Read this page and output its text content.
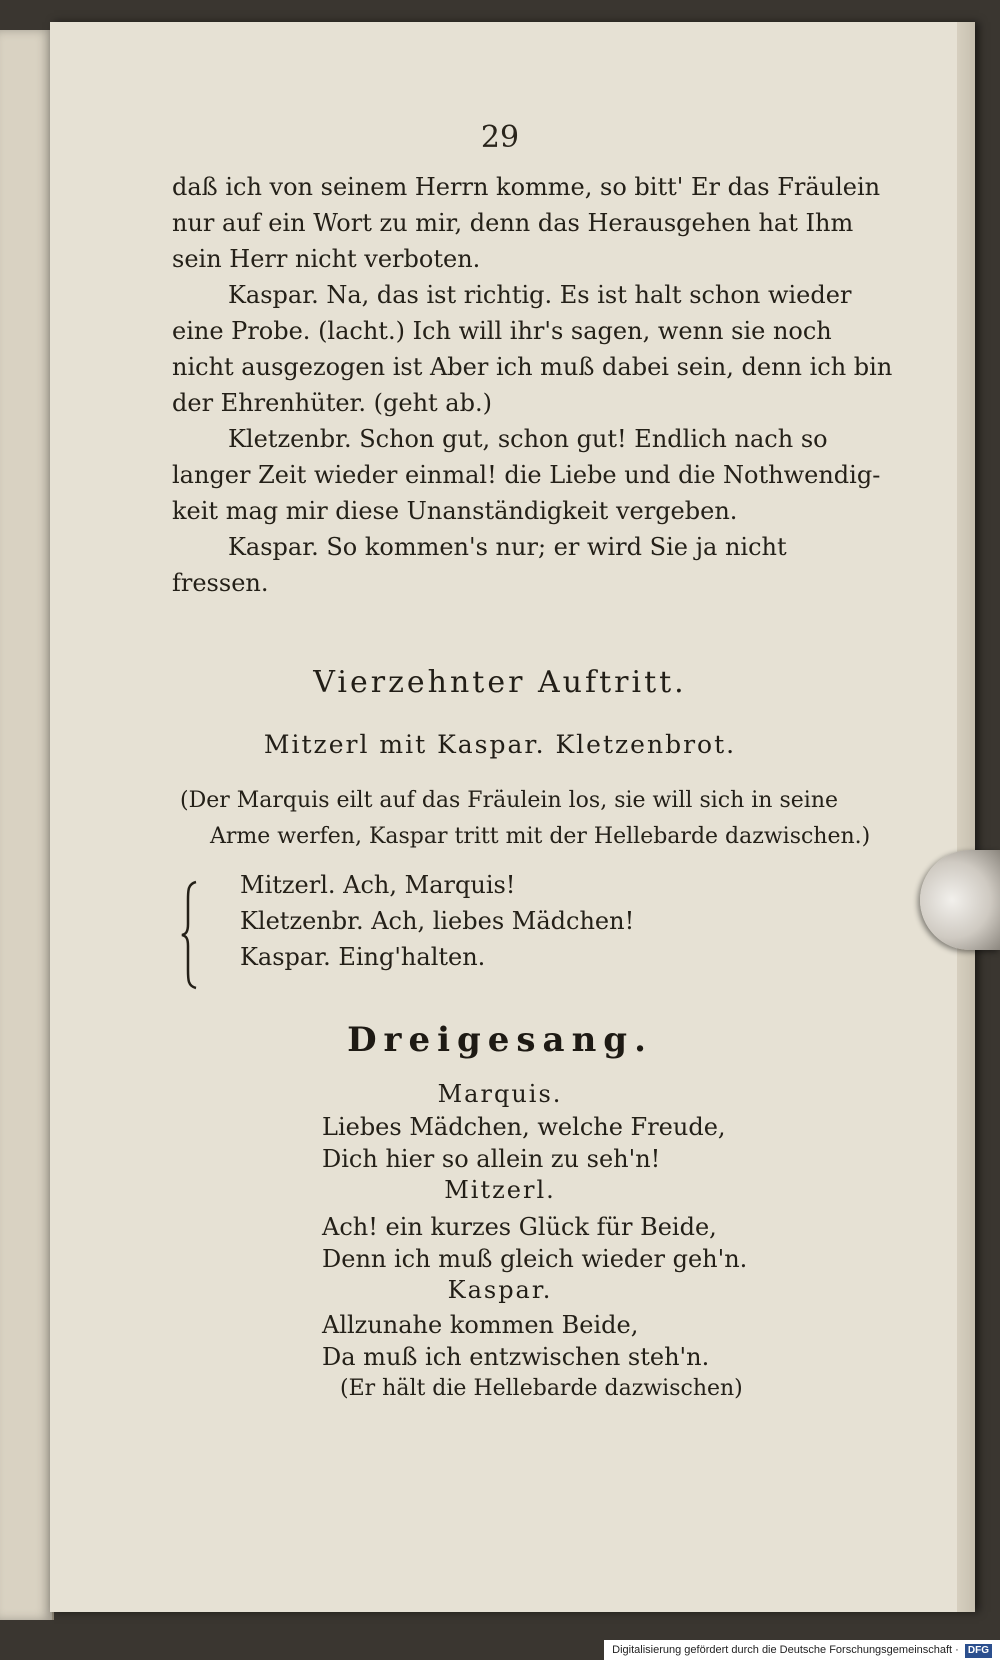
29
daß ich von seinem Herrn komme, so bitt' Er das Fräulein
nur auf ein Wort zu mir, denn das Herausgehen hat Ihm
sein Herr nicht verboten.
Kaspar. Na, das ist richtig. Es ist halt schon wieder
eine Probe. (lacht.) Ich will ihr's sagen, wenn sie noch
nicht ausgezogen ist Aber ich muß dabei sein, denn ich bin
der Ehrenhüter. (geht ab.)
Kletzenbr. Schon gut, schon gut! Endlich nach so
langer Zeit wieder einmal! die Liebe und die Nothwendig-
keit mag mir diese Unanständigkeit vergeben.
Kaspar. So kommen's nur; er wird Sie ja nicht
fressen.
Vierzehnter Auftritt.
Mitzerl mit Kaspar. Kletzenbrot.
(Der Marquis eilt auf das Fräulein los, sie will sich in seine
Arme werfen, Kaspar tritt mit der Hellebarde dazwischen.)
Mitzerl. Ach, Marquis!
Kletzenbr. Ach, liebes Mädchen!
Kaspar. Eing'halten.
Dreigesang.
Marquis.
Liebes Mädchen, welche Freude,
Dich hier so allein zu seh'n!
Mitzerl.
Ach! ein kurzes Glück für Beide,
Denn ich muß gleich wieder geh'n.
Kaspar.
Allzunahe kommen Beide,
Da muß ich entzwischen steh'n.
(Er hält die Hellebarde dazwischen)
Digitalisierung gefördert durch die Deutsche Forschungsgemeinschaft · DFG
